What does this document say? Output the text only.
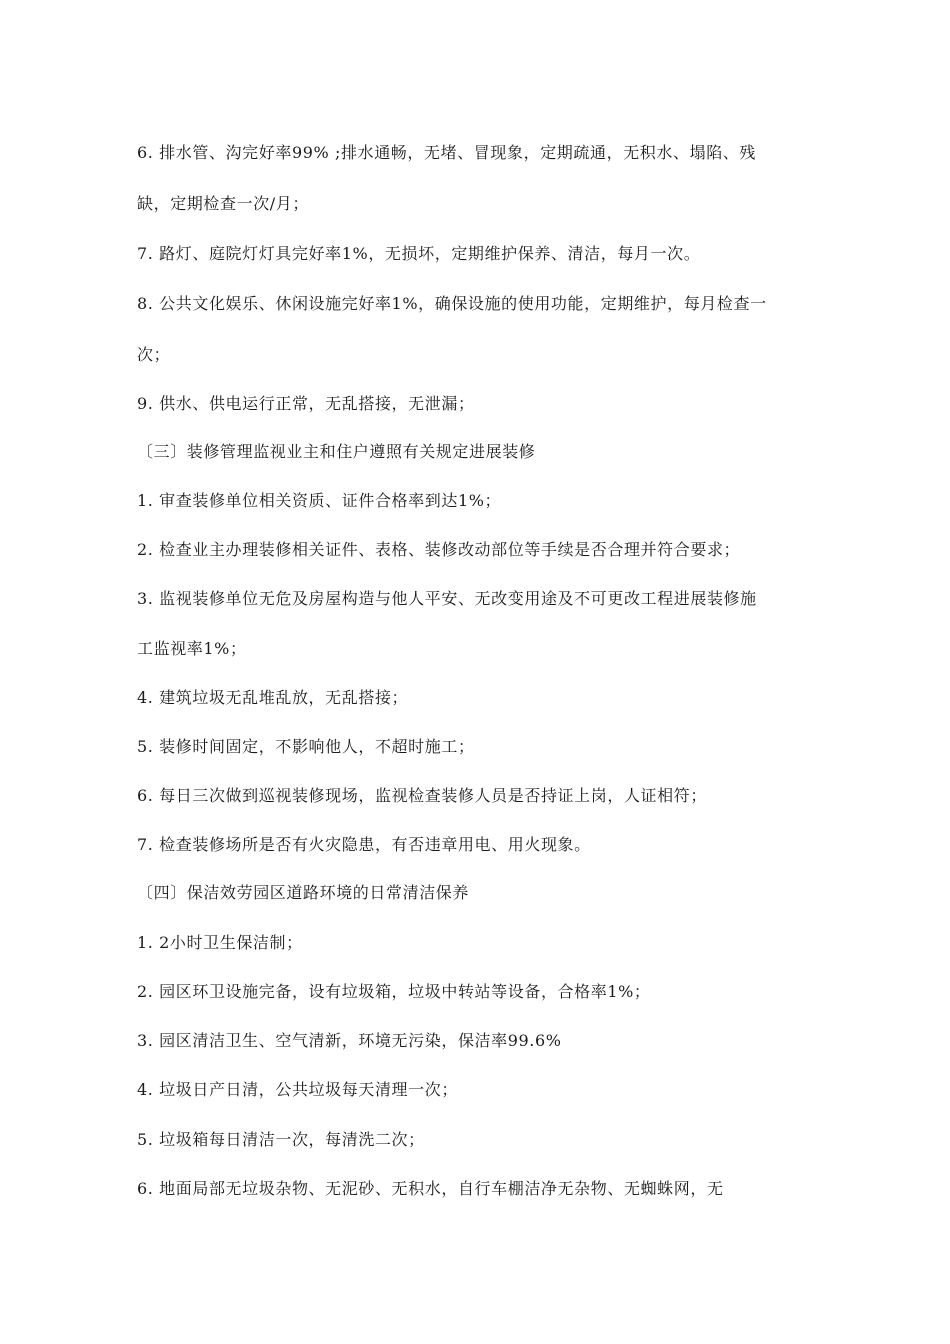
6. 排水管、沟完好率99% ;排水通畅，无堵、冒现象，定期疏通，无积水、塌陷、残
缺，定期检查一次/月；
7. 路灯、庭院灯灯具完好率1%，无损坏，定期维护保养、清洁，每月一次。
8. 公共文化娱乐、休闲设施完好率1%，确保设施的使用功能，定期维护，每月检查一
次；
9. 供水、供电运行正常，无乱搭接，无泄漏；
〔三〕装修管理监视业主和住户遵照有关规定进展装修
1. 审查装修单位相关资质、证件合格率到达1%；
2. 检查业主办理装修相关证件、表格、装修改动部位等手续是否合理并符合要求；
3. 监视装修单位无危及房屋构造与他人平安、无改变用途及不可更改工程进展装修施
工监视率1%；
4. 建筑垃圾无乱堆乱放，无乱搭接；
5. 装修时间固定，不影响他人，不超时施工；
6. 每日三次做到巡视装修现场，监视检查装修人员是否持证上岗，人证相符；
7. 检查装修场所是否有火灾隐患，有否违章用电、用火现象。
〔四〕保洁效劳园区道路环境的日常清洁保养
1. 2小时卫生保洁制；
2. 园区环卫设施完备，设有垃圾箱，垃圾中转站等设备，合格率1%；
3. 园区清洁卫生、空气清新，环境无污染，保洁率99.6%
4. 垃圾日产日清，公共垃圾每天清理一次；
5. 垃圾箱每日清洁一次，每清洗二次；
6. 地面局部无垃圾杂物、无泥砂、无积水，自行车棚洁净无杂物、无蜘蛛网，无
